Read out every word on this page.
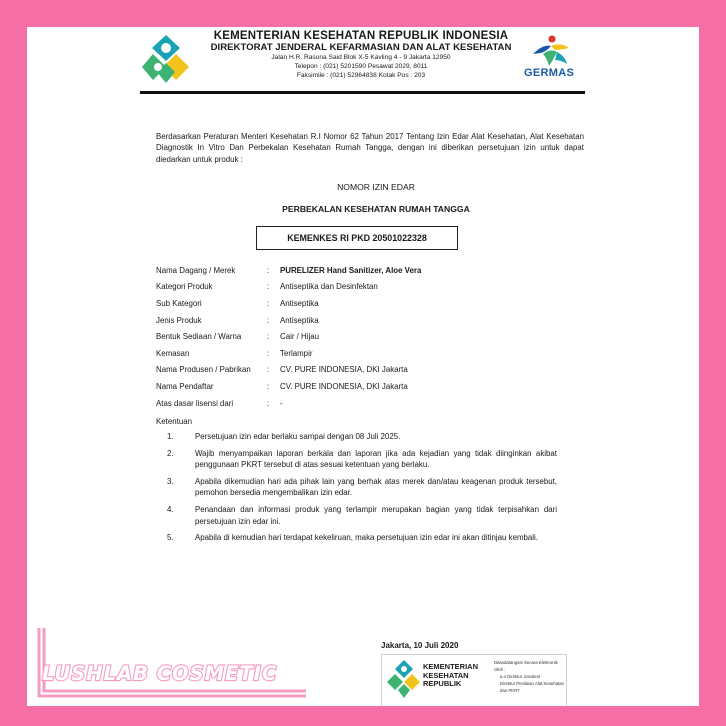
KEMENTERIAN KESEHATAN REPUBLIK INDONESIA
DIREKTORAT JENDERAL KEFARMASIAN DAN ALAT KESEHATAN
Jalan H.R. Rasuna Said Blok X-5 Kavling 4 - 9 Jakarta 12950
Telepon : (021) 5201590 Pesawat 2029, 8011
Faksimile : (021) 52964838 Kotak Pos : 203	GERMAS
Berdasarkan Peraturan Menteri Kesehatan R.I Nomor 62 Tahun 2017 Tentang Izin Edar Alat Kesehatan, Alat Kesehatan Diagnostik In Vitro Dan Perbekalan Kesehatan Rumah Tangga, dengan ini diberikan persetujuan izin untuk dapat diedarkan untuk produk :
NOMOR IZIN EDAR
PERBEKALAN KESEHATAN RUMAH TANGGA
KEMENKES RI PKD 20501022328
Nama Dagang / Merek	: PURELIZER Hand Sanitizer, Aloe Vera
Kategori Produk	: Antiseptika dan Desinfektan
Sub Kategori	: Antiseptika
Jenis Produk	: Antiseptika
Bentuk Sediaan / Warna	: Cair / Hijau
Kemasan	: Terlampir
Nama Produsen / Pabrikan : CV. PURE INDONESIA, DKI Jakarta
Nama Pendaftar	: CV. PURE INDONESIA, DKI Jakarta
Atas dasar lisensi dari	: -
Ketentuan
1.	Persetujuan izin edar berlaku sampai dengan 08 Juli 2025.
2.	Wajib menyampaikan laporan berkala dan laporan jika ada kejadian yang tidak diinginkan akibat penggunaan PKRT tersebut di atas sesuai ketentuan yang berlaku.
3.	Apabila dikemudian hari ada pihak lain yang berhak atas merek dan/atau keagenan produk tersebut, pemohon bersedia mengembalikan izin edar.
4.	Penandaan dan informasi produk yang terlampir merupakan bagian yang tidak terpisahkan dari persetujuan izin edar ini.
5.	Apabila di kemudian hari terdapat kekeliruan, maka persetujuan izin edar ini akan ditinjau kembali.
Jakarta, 10 Juli 2020
KEMENTERIAN KESEHATAN REPUBLIK
Ditandatangani Secara Elektronik Oleh :
a.n Direktur Jenderal
Direktur Penilaian Alat Kesehatan dan PKRT
LUSHLAB COSMETIC
